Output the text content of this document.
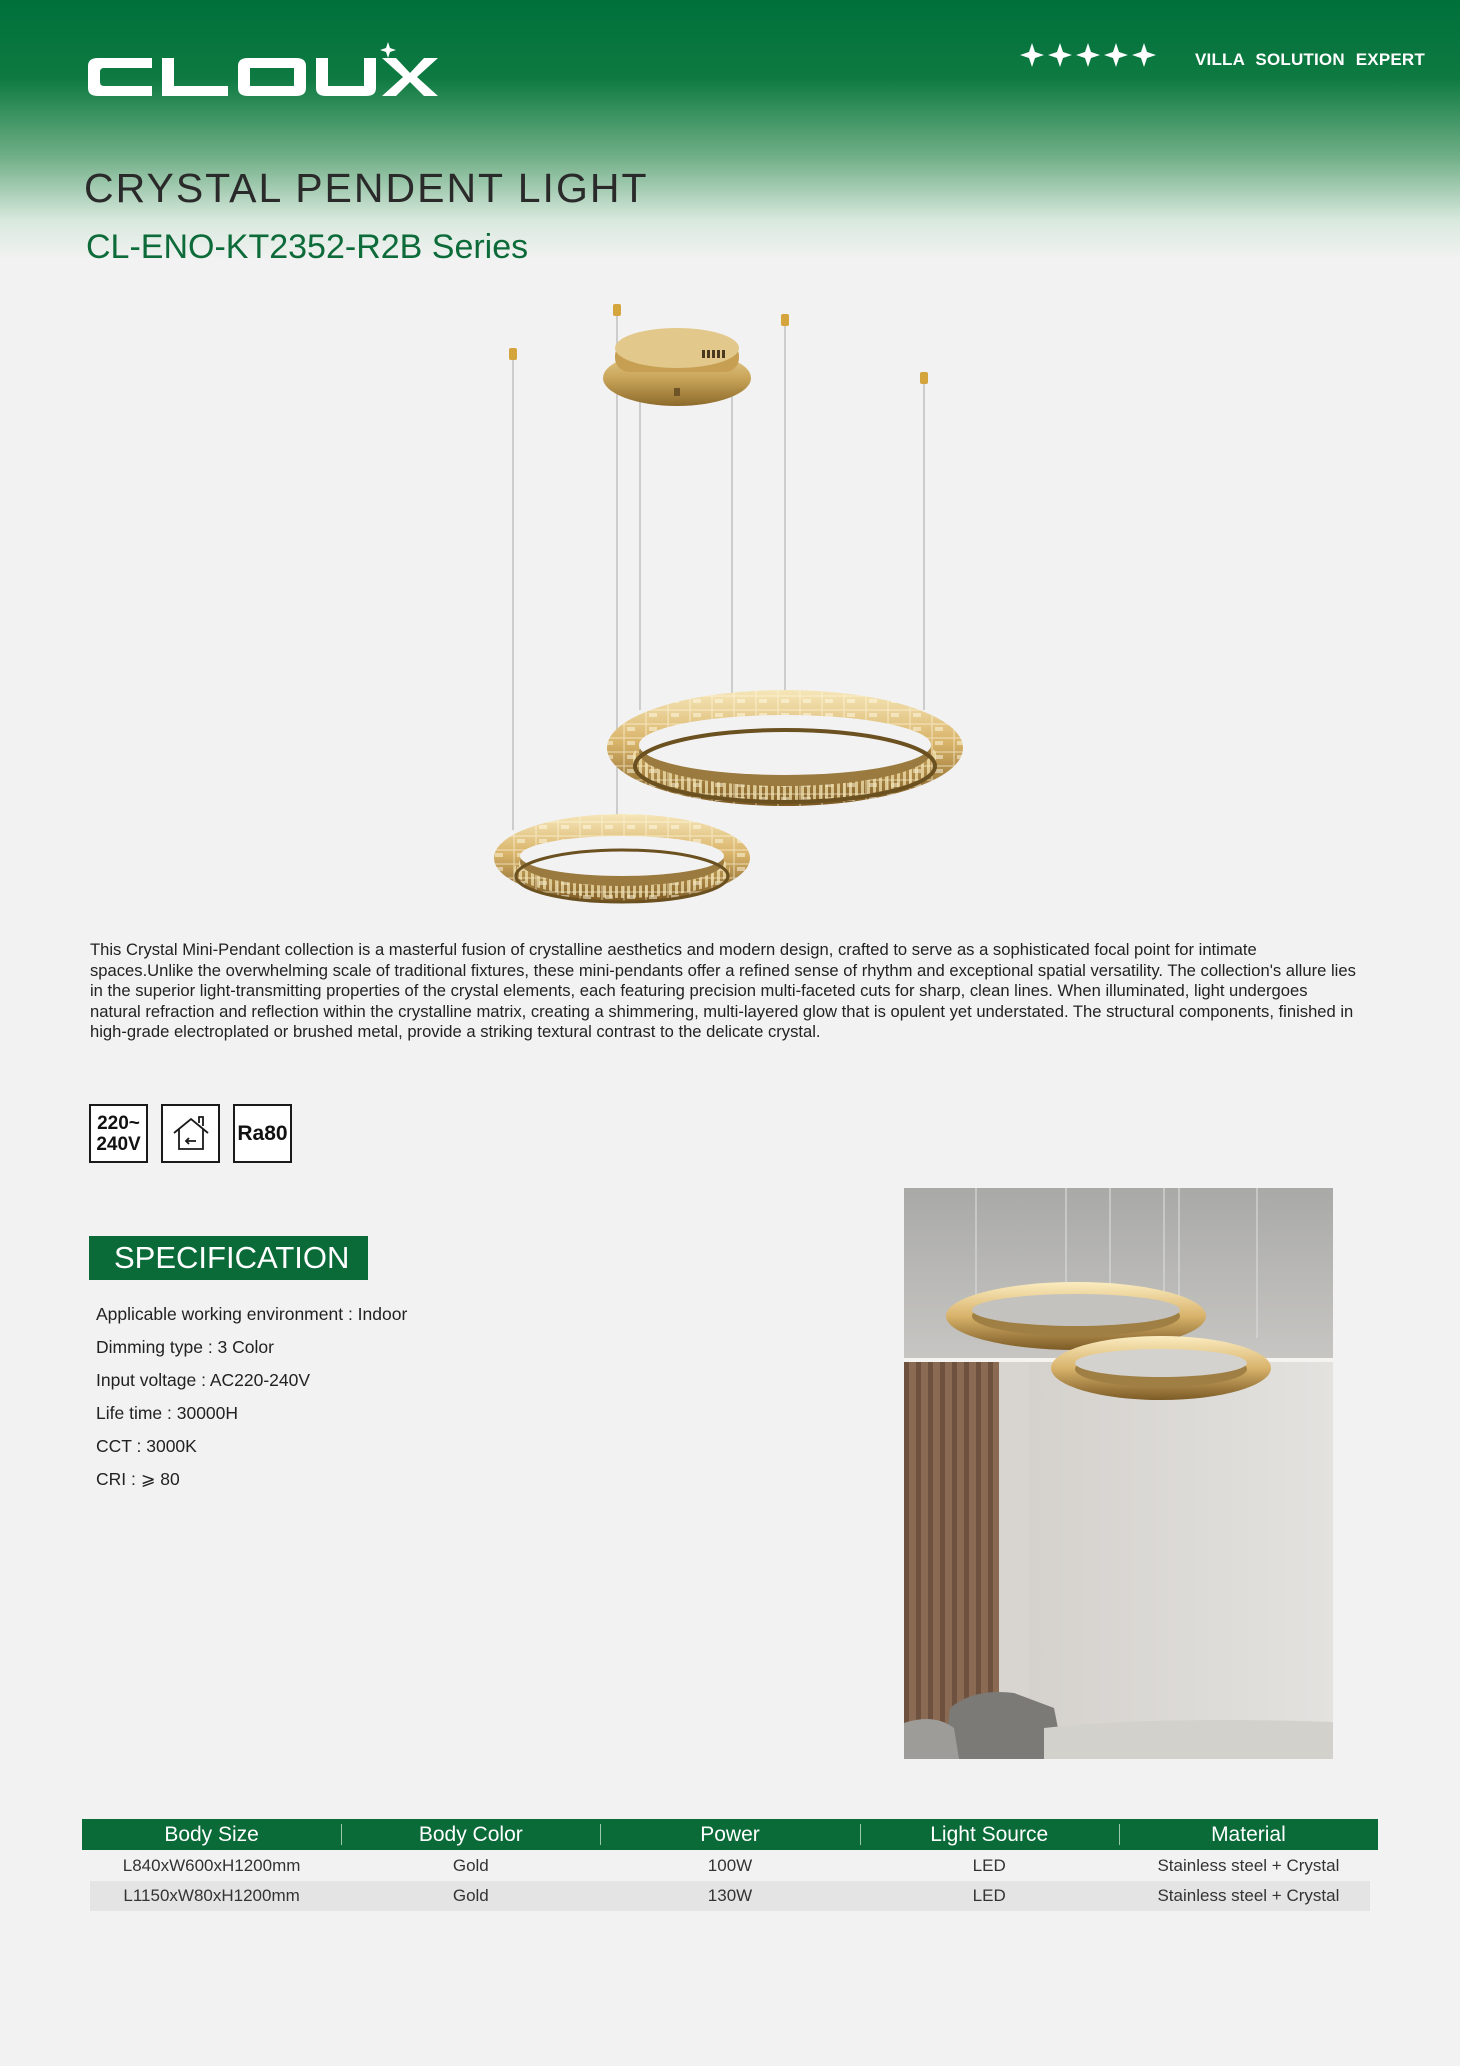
VILLA SOLUTION EXPERT
CRYSTAL PENDENT LIGHT
CL-ENO-KT2352-R2B Series
This Crystal Mini-Pendant collection is a masterful fusion of crystalline aesthetics and modern design, crafted to serve as a sophisticated focal point for intimate spaces.Unlike the overwhelming scale of traditional fixtures, these mini-pendants offer a refined sense of rhythm and exceptional spatial versatility. The collection's allure lies in the superior light-transmitting properties of the crystal elements, each featuring precision multi-faceted cuts for sharp, clean lines. When illuminated, light undergoes natural refraction and reflection within the crystalline matrix, creating a shimmering, multi-layered glow that is opulent yet understated. The structural components, finished in high-grade electroplated or brushed metal, provide a striking textural contrast to the delicate crystal.
220~
240V	Ra80
SPECIFICATION
Applicable working environment : Indoor
Dimming type : 3 Color
Input voltage : AC220-240V
Life time : 30000H
CCT : 3000K
CRI : ⩾ 80
Body Size	Body Color	Power	Light Source	Material
L840xW600xH1200mm	Gold	100W	LED	Stainless steel + Crystal
L1150xW80xH1200mm	Gold	130W	LED	Stainless steel + Crystal
